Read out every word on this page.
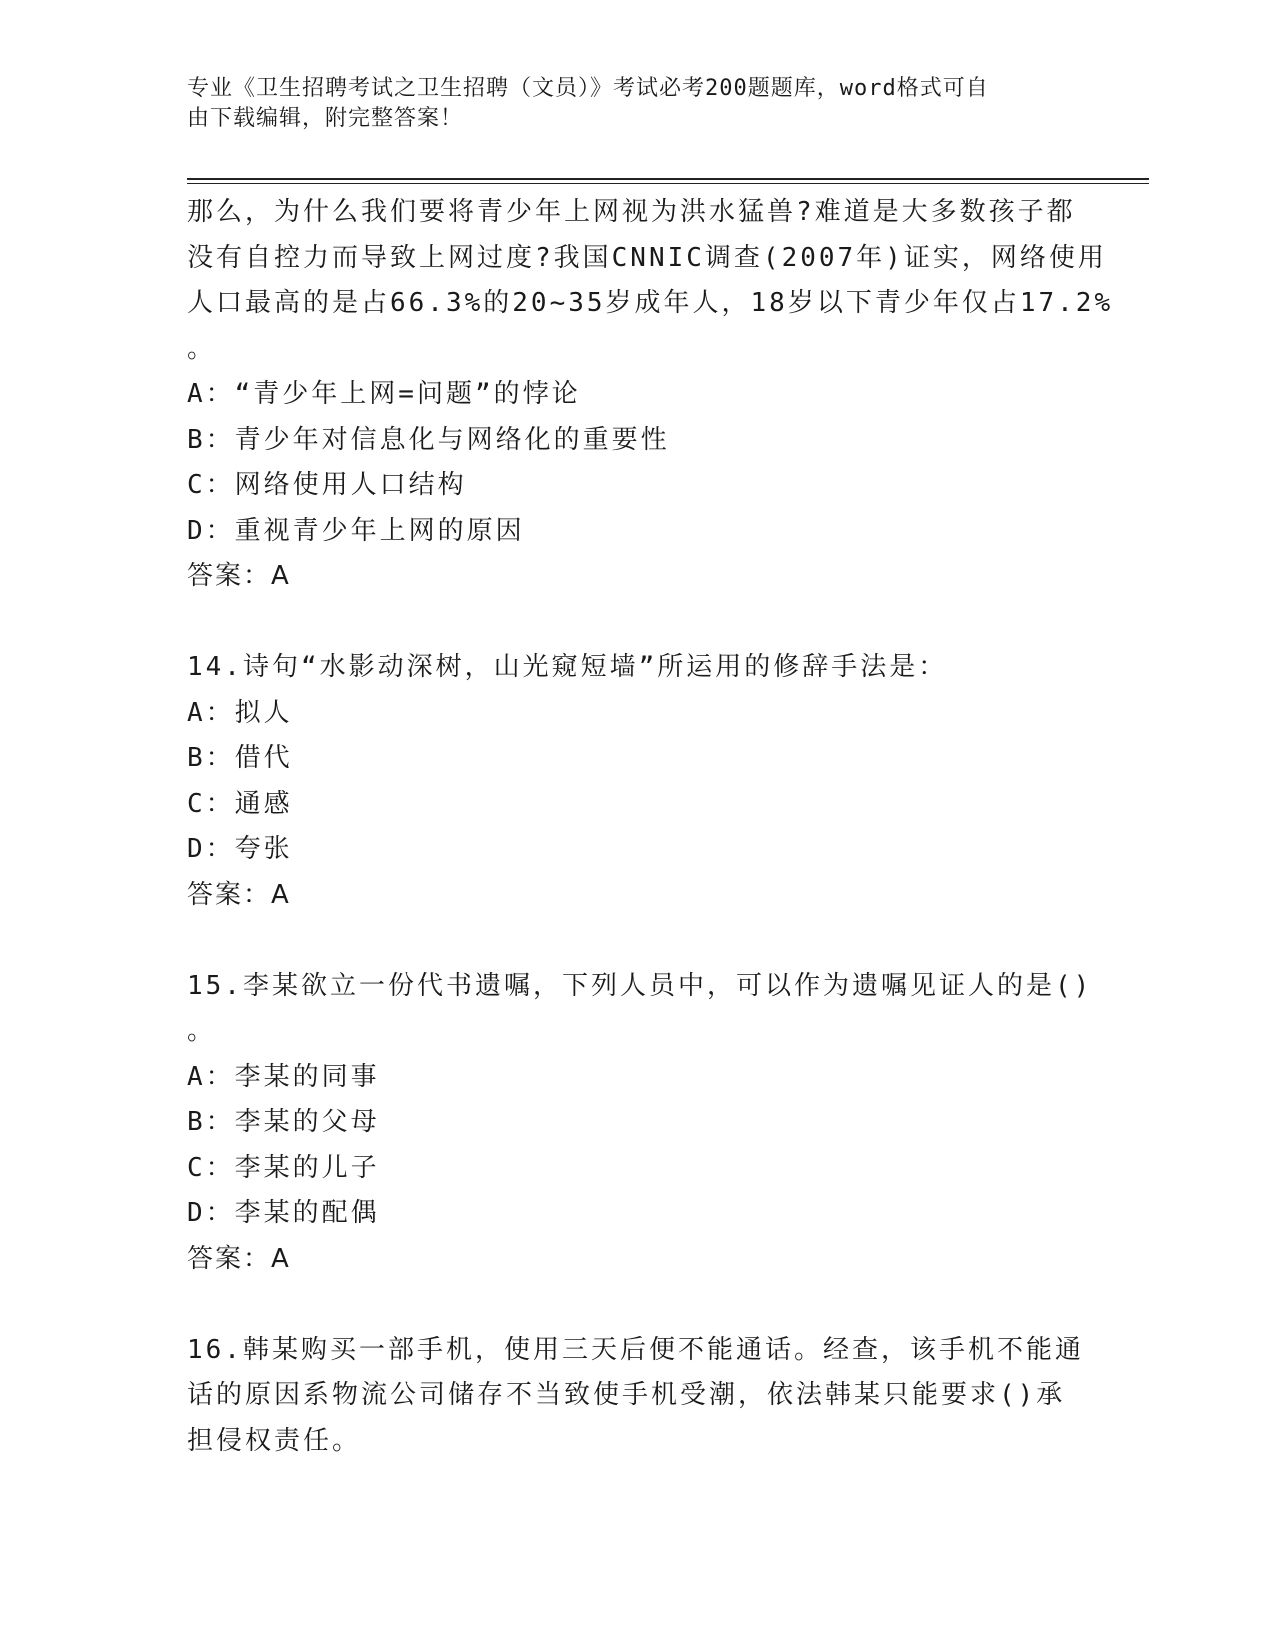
专业《卫生招聘考试之卫生招聘（文员）》考试必考200题题库，word格式可自
由下载编辑，附完整答案！
那么，为什么我们要将青少年上网视为洪水猛兽?难道是大多数孩子都
没有自控力而导致上网过度?我国CNNIC调查(2007年)证实，网络使用
人口最高的是占66.3%的20~35岁成年人，18岁以下青少年仅占17.2%
。
A：“青少年上网=问题”的悖论
B：青少年对信息化与网络化的重要性
C：网络使用人口结构
D：重视青少年上网的原因
答案：A
14.诗句“水影动深树，山光窥短墙”所运用的修辞手法是：
A：拟人
B：借代
C：通感
D：夸张
答案：A
15.李某欲立一份代书遗嘱，下列人员中，可以作为遗嘱见证人的是()
。
A：李某的同事
B：李某的父母
C：李某的儿子
D：李某的配偶
答案：A
16.韩某购买一部手机，使用三天后便不能通话。经查，该手机不能通
话的原因系物流公司储存不当致使手机受潮，依法韩某只能要求()承
担侵权责任。
